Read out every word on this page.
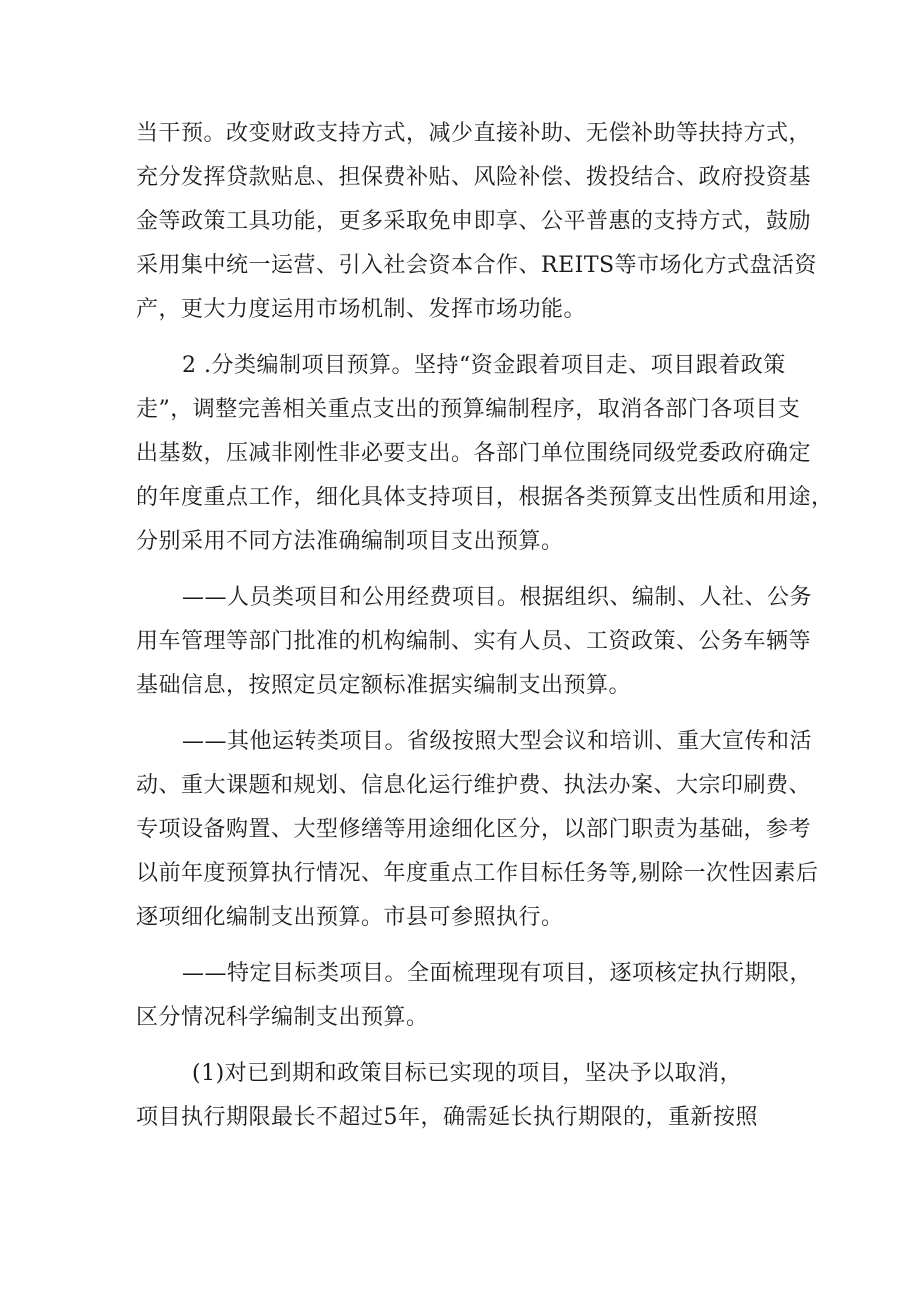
当干预。改变财政支持方式，减少直接补助、无偿补助等扶持方式，
充分发挥贷款贴息、担保费补贴、风险补偿、拨投结合、政府投资基
金等政策工具功能，更多采取免申即享、公平普惠的支持方式，鼓励
采用集中统一运营、引入社会资本合作、REITS等市场化方式盘活资
产，更大力度运用市场机制、发挥市场功能。
2 .分类编制项目预算。坚持“资金跟着项目走、项目跟着政策
走”，调整完善相关重点支出的预算编制程序，取消各部门各项目支
出基数，压减非刚性非必要支出。各部门单位围绕同级党委政府确定
的年度重点工作，细化具体支持项目，根据各类预算支出性质和用途，
分别采用不同方法准确编制项目支出预算。
——人员类项目和公用经费项目。根据组织、编制、人社、公务
用车管理等部门批准的机构编制、实有人员、工资政策、公务车辆等
基础信息，按照定员定额标准据实编制支出预算。
——其他运转类项目。省级按照大型会议和培训、重大宣传和活
动、重大课题和规划、信息化运行维护费、执法办案、大宗印刷费、
专项设备购置、大型修缮等用途细化区分，以部门职责为基础，参考
以前年度预算执行情况、年度重点工作目标任务等,剔除一次性因素后
逐项细化编制支出预算。市县可参照执行。
——特定目标类项目。全面梳理现有项目，逐项核定执行期限，
区分情况科学编制支出预算。
(1)对已到期和政策目标已实现的项目，坚决予以取消，
项目执行期限最长不超过5年，确需延长执行期限的，重新按照
